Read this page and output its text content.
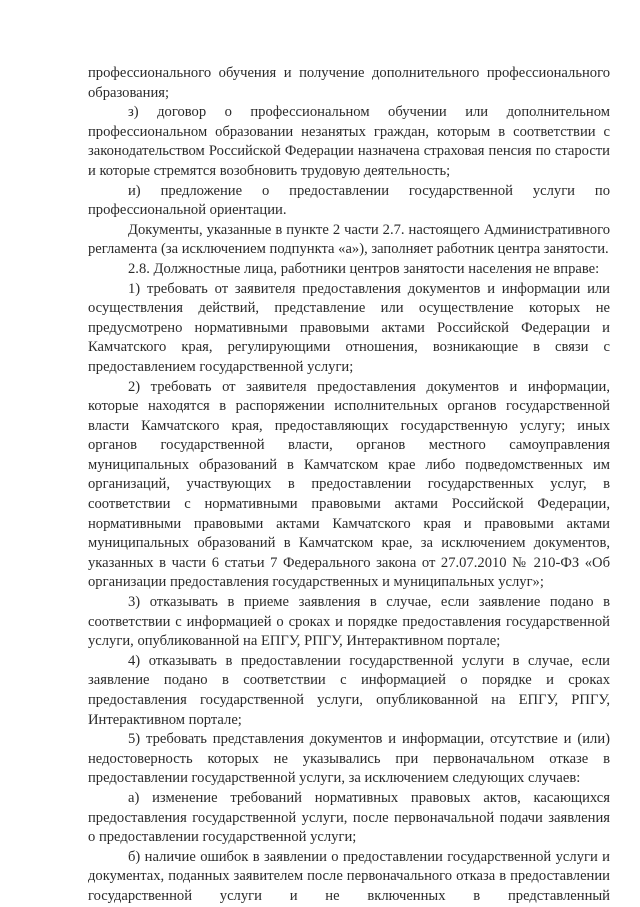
профессионального обучения и получение дополнительного профессионального образования;

з) договор о профессиональном обучении или дополнительном профессиональном образовании незанятых граждан, которым в соответствии с законодательством Российской Федерации назначена страховая пенсия по старости и которые стремятся возобновить трудовую деятельность;

и) предложение о предоставлении государственной услуги по профессиональной ориентации.

Документы, указанные в пункте 2 части 2.7. настоящего Административного регламента (за исключением подпункта «а»), заполняет работник центра занятости.

2.8. Должностные лица, работники центров занятости населения не вправе:

1) требовать от заявителя предоставления документов и информации или осуществления действий, представление или осуществление которых не предусмотрено нормативными правовыми актами Российской Федерации и Камчатского края, регулирующими отношения, возникающие в связи с предоставлением государственной услуги;

2) требовать от заявителя предоставления документов и информации, которые находятся в распоряжении исполнительных органов государственной власти Камчатского края, предоставляющих государственную услугу; иных органов государственной власти, органов местного самоуправления муниципальных образований в Камчатском крае либо подведомственных им организаций, участвующих в предоставлении государственных услуг, в соответствии с нормативными правовыми актами Российской Федерации, нормативными правовыми актами Камчатского края и правовыми актами муниципальных образований в Камчатском крае, за исключением документов, указанных в части 6 статьи 7 Федерального закона от 27.07.2010 № 210-ФЗ «Об организации предоставления государственных и муниципальных услуг»;

3) отказывать в приеме заявления в случае, если заявление подано в соответствии с информацией о сроках и порядке предоставления государственной услуги, опубликованной на ЕПГУ, РПГУ, Интерактивном портале;

4) отказывать в предоставлении государственной услуги в случае, если заявление подано в соответствии с информацией о порядке и сроках предоставления государственной услуги, опубликованной на ЕПГУ, РПГУ, Интерактивном портале;

5) требовать представления документов и информации, отсутствие и (или) недостоверность которых не указывались при первоначальном отказе в предоставлении государственной услуги, за исключением следующих случаев:

а) изменение требований нормативных правовых актов, касающихся предоставления государственной услуги, после первоначальной подачи заявления о предоставлении государственной услуги;

б) наличие ошибок в заявлении о предоставлении государственной услуги и документах, поданных заявителем после первоначального отказа в предоставлении государственной услуги и не включенных в представленный
